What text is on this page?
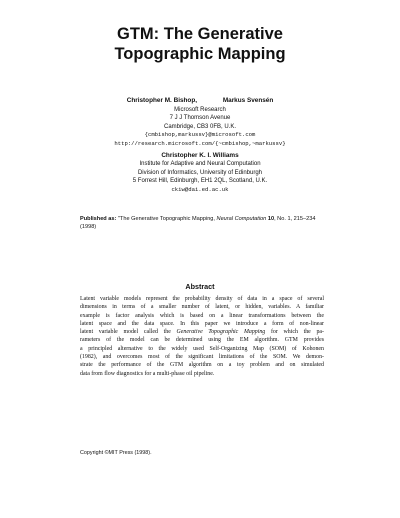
GTM: The Generative
Topographic Mapping
Christopher M. Bishop,	Markus Svensén
Microsoft Research
7 J J Thomson Avenue
Cambridge, CB3 0FB, U.K.
{cmbishop,markussv}@microsoft.com
http://research.microsoft.com/{~cmbishop,~markussv}
Christopher K. I. Williams
Institute for Adaptive and Neural Computation
Division of Informatics, University of Edinburgh
5 Forrest Hill, Edinburgh, EH1 2QL, Scotland, U.K.
ckiw@dai.ed.ac.uk
Published as: "The Generative Topographic Mapping, Neural Computation 10, No. 1, 215–234 (1998)
Abstract
Latent variable models represent the probability density of data in a space of several
dimensions in terms of a smaller number of latent, or hidden, variables. A familiar
example is factor analysis which is based on a linear transformations between the
latent space and the data space. In this paper we introduce a form of non-linear
latent variable model called the Generative Topographic Mapping for which the pa-
rameters of the model can be determined using the EM algorithm. GTM provides
a principled alternative to the widely used Self-Organizing Map (SOM) of Kohonen
(1982), and overcomes most of the significant limitations of the SOM. We demon-
strate the performance of the GTM algorithm on a toy problem and on simulated
data from flow diagnostics for a multi-phase oil pipeline.
Copyright ©MIT Press (1998).
